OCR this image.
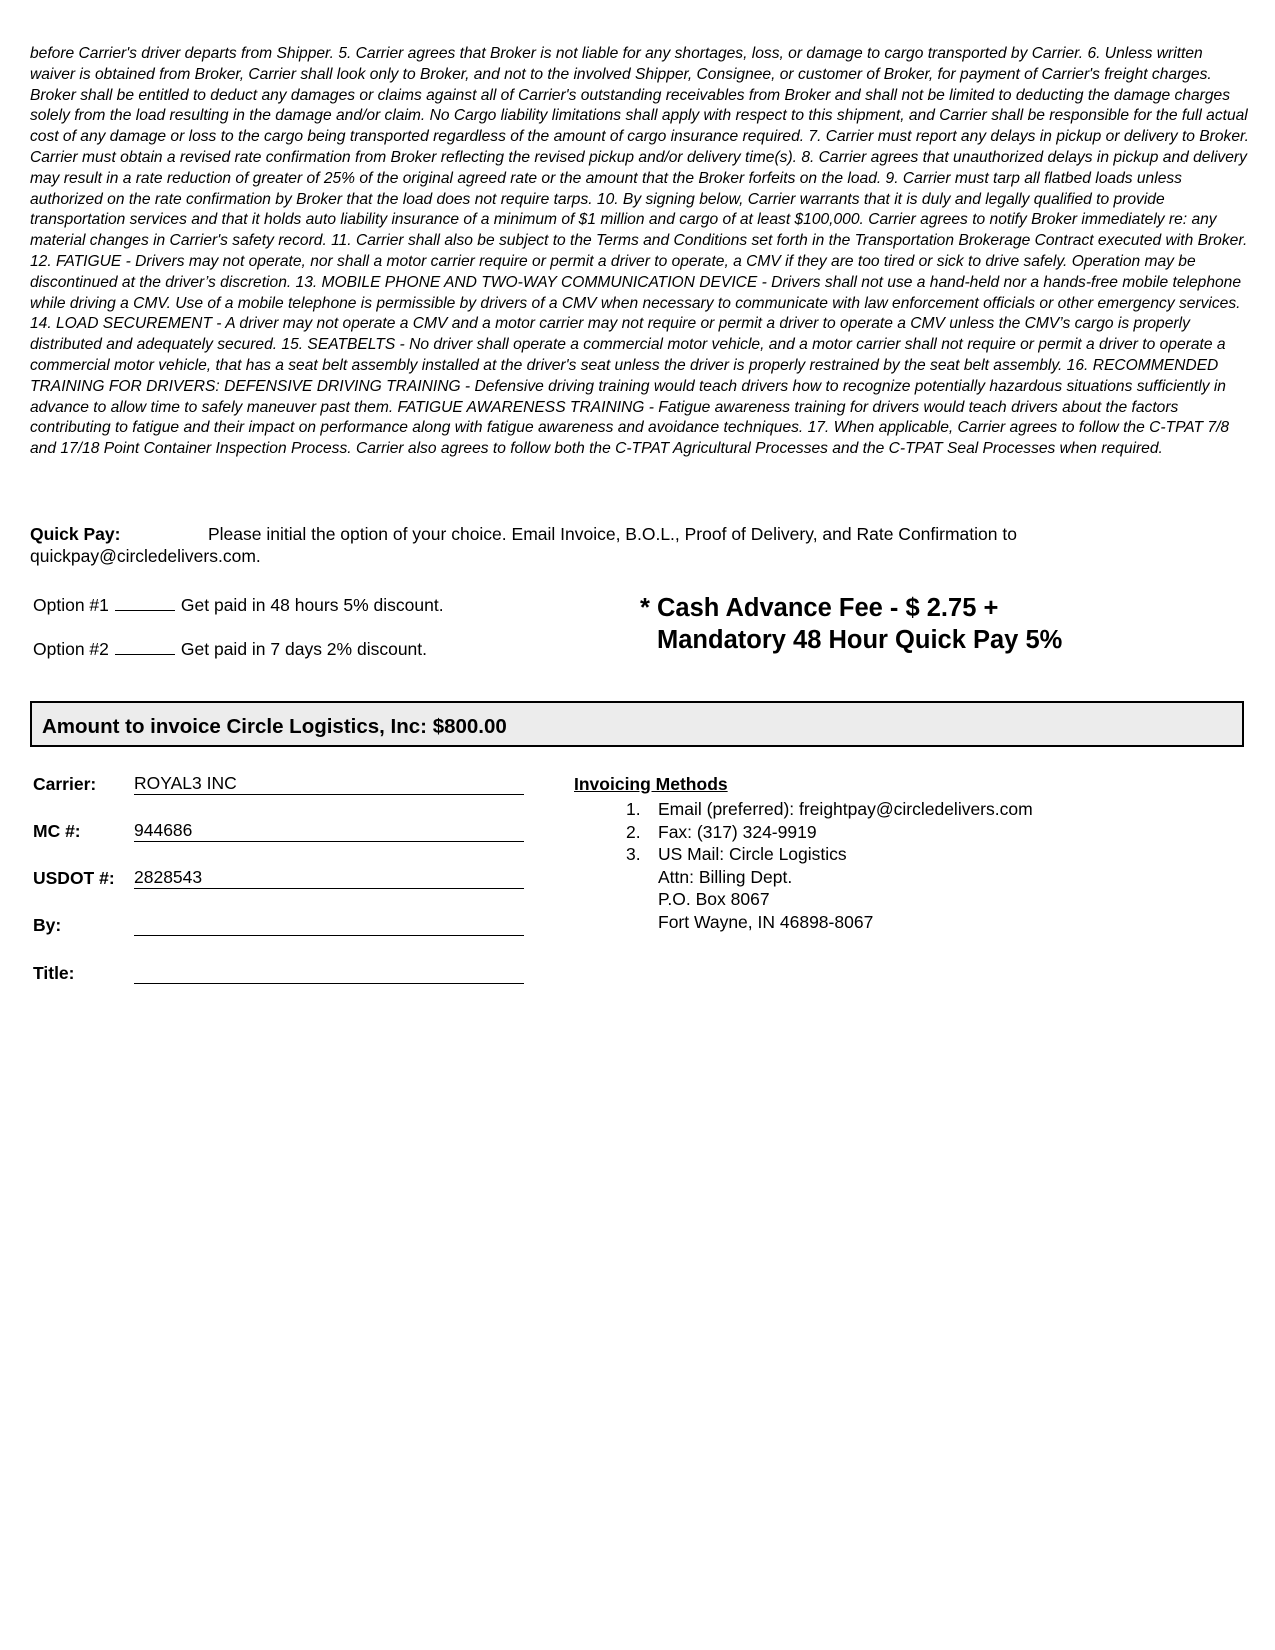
before Carrier's driver departs from Shipper. 5. Carrier agrees that Broker is not liable for any shortages, loss, or damage to cargo transported by Carrier. 6. Unless written waiver is obtained from Broker, Carrier shall look only to Broker, and not to the involved Shipper, Consignee, or customer of Broker, for payment of Carrier's freight charges. Broker shall be entitled to deduct any damages or claims against all of Carrier's outstanding receivables from Broker and shall not be limited to deducting the damage charges solely from the load resulting in the damage and/or claim. No Cargo liability limitations shall apply with respect to this shipment, and Carrier shall be responsible for the full actual cost of any damage or loss to the cargo being transported regardless of the amount of cargo insurance required. 7. Carrier must report any delays in pickup or delivery to Broker. Carrier must obtain a revised rate confirmation from Broker reflecting the revised pickup and/or delivery time(s). 8. Carrier agrees that unauthorized delays in pickup and delivery may result in a rate reduction of greater of 25% of the original agreed rate or the amount that the Broker forfeits on the load. 9. Carrier must tarp all flatbed loads unless authorized on the rate confirmation by Broker that the load does not require tarps. 10. By signing below, Carrier warrants that it is duly and legally qualified to provide transportation services and that it holds auto liability insurance of a minimum of $1 million and cargo of at least $100,000. Carrier agrees to notify Broker immediately re: any material changes in Carrier's safety record. 11. Carrier shall also be subject to the Terms and Conditions set forth in the Transportation Brokerage Contract executed with Broker. 12. FATIGUE - Drivers may not operate, nor shall a motor carrier require or permit a driver to operate, a CMV if they are too tired or sick to drive safely. Operation may be discontinued at the driver’s discretion. 13. MOBILE PHONE AND TWO-WAY COMMUNICATION DEVICE - Drivers shall not use a hand-held nor a hands-free mobile telephone while driving a CMV. Use of a mobile telephone is permissible by drivers of a CMV when necessary to communicate with law enforcement officials or other emergency services. 14. LOAD SECUREMENT - A driver may not operate a CMV and a motor carrier may not require or permit a driver to operate a CMV unless the CMV’s cargo is properly distributed and adequately secured. 15. SEATBELTS - No driver shall operate a commercial motor vehicle, and a motor carrier shall not require or permit a driver to operate a commercial motor vehicle, that has a seat belt assembly installed at the driver's seat unless the driver is properly restrained by the seat belt assembly. 16. RECOMMENDED TRAINING FOR DRIVERS: DEFENSIVE DRIVING TRAINING - Defensive driving training would teach drivers how to recognize potentially hazardous situations sufficiently in advance to allow time to safely maneuver past them. FATIGUE AWARENESS TRAINING - Fatigue awareness training for drivers would teach drivers about the factors contributing to fatigue and their impact on performance along with fatigue awareness and avoidance techniques. 17. When applicable, Carrier agrees to follow the C-TPAT 7/8 and 17/18 Point Container Inspection Process. Carrier also agrees to follow both the C-TPAT Agricultural Processes and the C-TPAT Seal Processes when required.

Quick Pay:	Please initial the option of your choice. Email Invoice, B.O.L., Proof of Delivery, and Rate Confirmation to quickpay@circledelivers.com.
Option #1	Get paid in 48 hours 5% discount.
Option #2	Get paid in 7 days 2% discount.
* Cash Advance Fee - $ 2.75 +
Mandatory 48 Hour Quick Pay 5%
Amount to invoice Circle Logistics, Inc: $800.00
Carrier: ROYAL3 INC
MC #:	944686
USDOT #: 2828543
By:
Title:
Invoicing Methods
1. Email (preferred): freightpay@circledelivers.com
2. Fax: (317) 324-9919
3. US Mail: Circle Logistics
Attn: Billing Dept.
P.O. Box 8067
Fort Wayne, IN 46898-8067
